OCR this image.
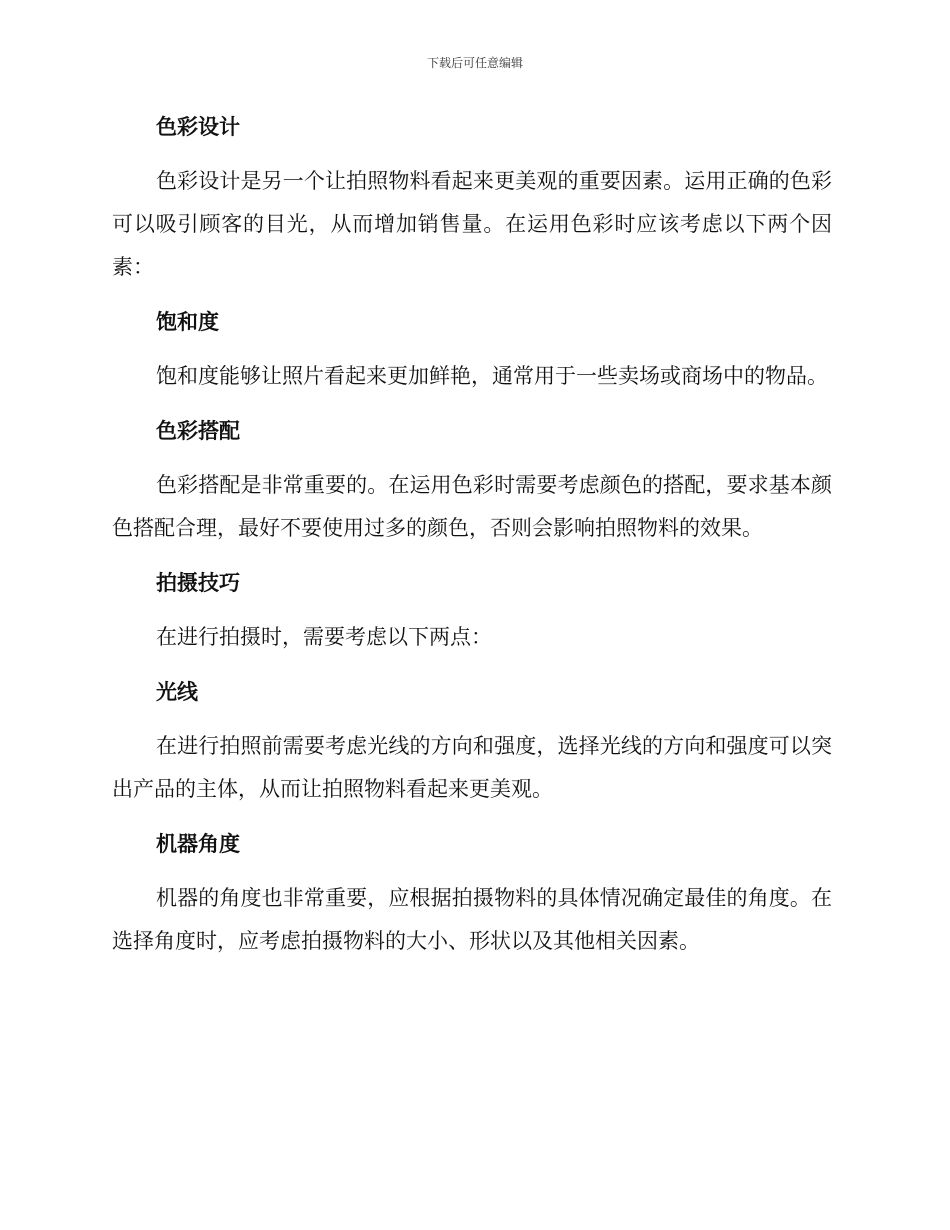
下载后可任意编辑
色彩设计

色彩设计是另一个让拍照物料看起来更美观的重要因素。运用正确的色彩可以吸引顾客的目光，从而增加销售量。在运用色彩时应该考虑以下两个因素：

饱和度

饱和度能够让照片看起来更加鲜艳，通常用于一些卖场或商场中的物品。

色彩搭配

色彩搭配是非常重要的。在运用色彩时需要考虑颜色的搭配，要求基本颜色搭配合理，最好不要使用过多的颜色，否则会影响拍照物料的效果。

拍摄技巧

在进行拍摄时，需要考虑以下两点：

光线

在进行拍照前需要考虑光线的方向和强度，选择光线的方向和强度可以突出产品的主体，从而让拍照物料看起来更美观。

机器角度

机器的角度也非常重要，应根据拍摄物料的具体情况确定最佳的角度。在选择角度时，应考虑拍摄物料的大小、形状以及其他相关因素。
